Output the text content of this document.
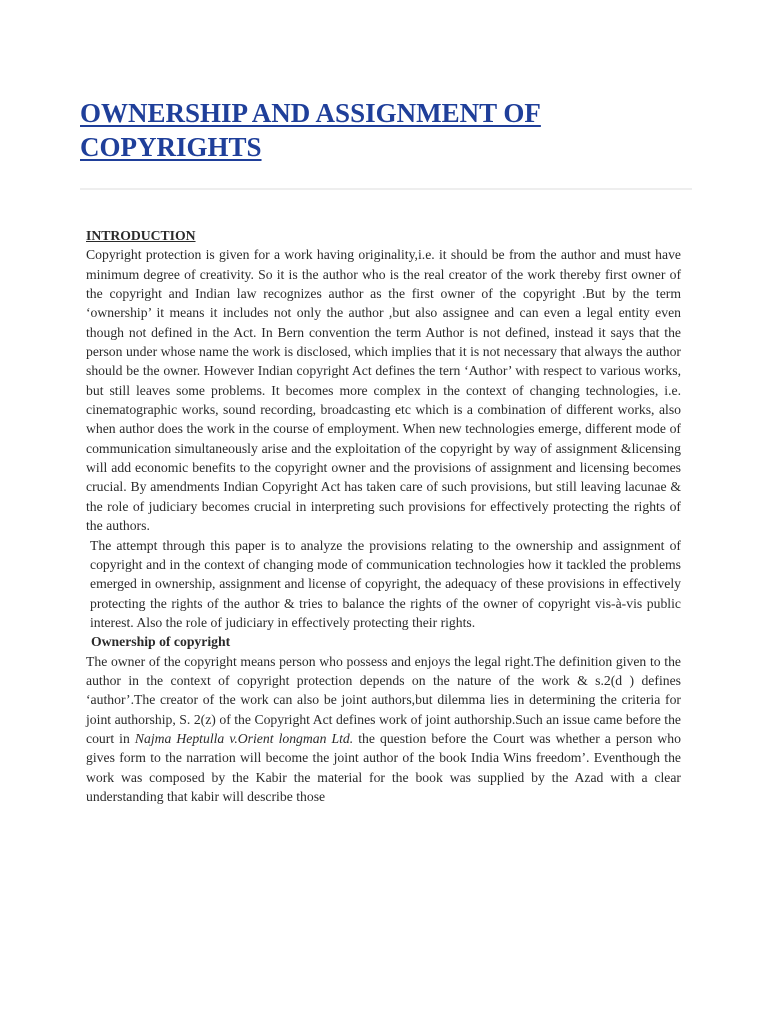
OWNERSHIP AND ASSIGNMENT OF COPYRIGHTS

INTRODUCTION

Copyright protection is given for a work having originality,i.e. it should be from the author and must have minimum degree of creativity. So it is the author who is the real creator of the work thereby first owner of the copyright and Indian law recognizes author as the first owner of the copyright .But by the term ‘ownership’ it means it includes not only the author ,but also assignee and can even a legal entity even though not defined in the Act. In Bern convention the term Author is not defined, instead it says that the person under whose name the work is disclosed, which implies that it is not necessary that always the author should be the owner. However Indian copyright Act defines the tern ‘Author’ with respect to various works, but still leaves some problems. It becomes more complex in the context of changing technologies, i.e. cinematographic works, sound recording, broadcasting etc which is a combination of different works, also when author does the work in the course of employment. When new technologies emerge, different mode of communication simultaneously arise and the exploitation of the copyright by way of assignment &licensing will add economic benefits to the copyright owner and the provisions of assignment and licensing becomes crucial. By amendments Indian Copyright Act has taken care of such provisions, but still leaving lacunae & the role of judiciary becomes crucial in interpreting such provisions for effectively protecting the rights of the authors.

The attempt through this paper is to analyze the provisions relating to the ownership and assignment of copyright and in the context of changing mode of communication technologies how it tackled the problems emerged in ownership, assignment and license of copyright, the adequacy of these provisions in effectively protecting the rights of the author & tries to balance the rights of the owner of copyright vis-à-vis public interest. Also the role of judiciary in effectively protecting their rights.

Ownership of copyright

The owner of the copyright means person who possess and enjoys the legal right.The definition given to the author in the context of copyright protection depends on the nature of the work & s.2(d ) defines ‘author’.The creator of the work can also be joint authors,but dilemma lies in determining the criteria for joint authorship, S. 2(z) of the Copyright Act defines work of joint authorship.Such an issue came before the court in Najma Heptulla v.Orient longman Ltd. the question before the Court was whether a person who gives form to the narration will become the joint author of the book India Wins freedom’. Eventhough the work was composed by the Kabir the material for the book was supplied by the Azad with a clear understanding that kabir will describe those
